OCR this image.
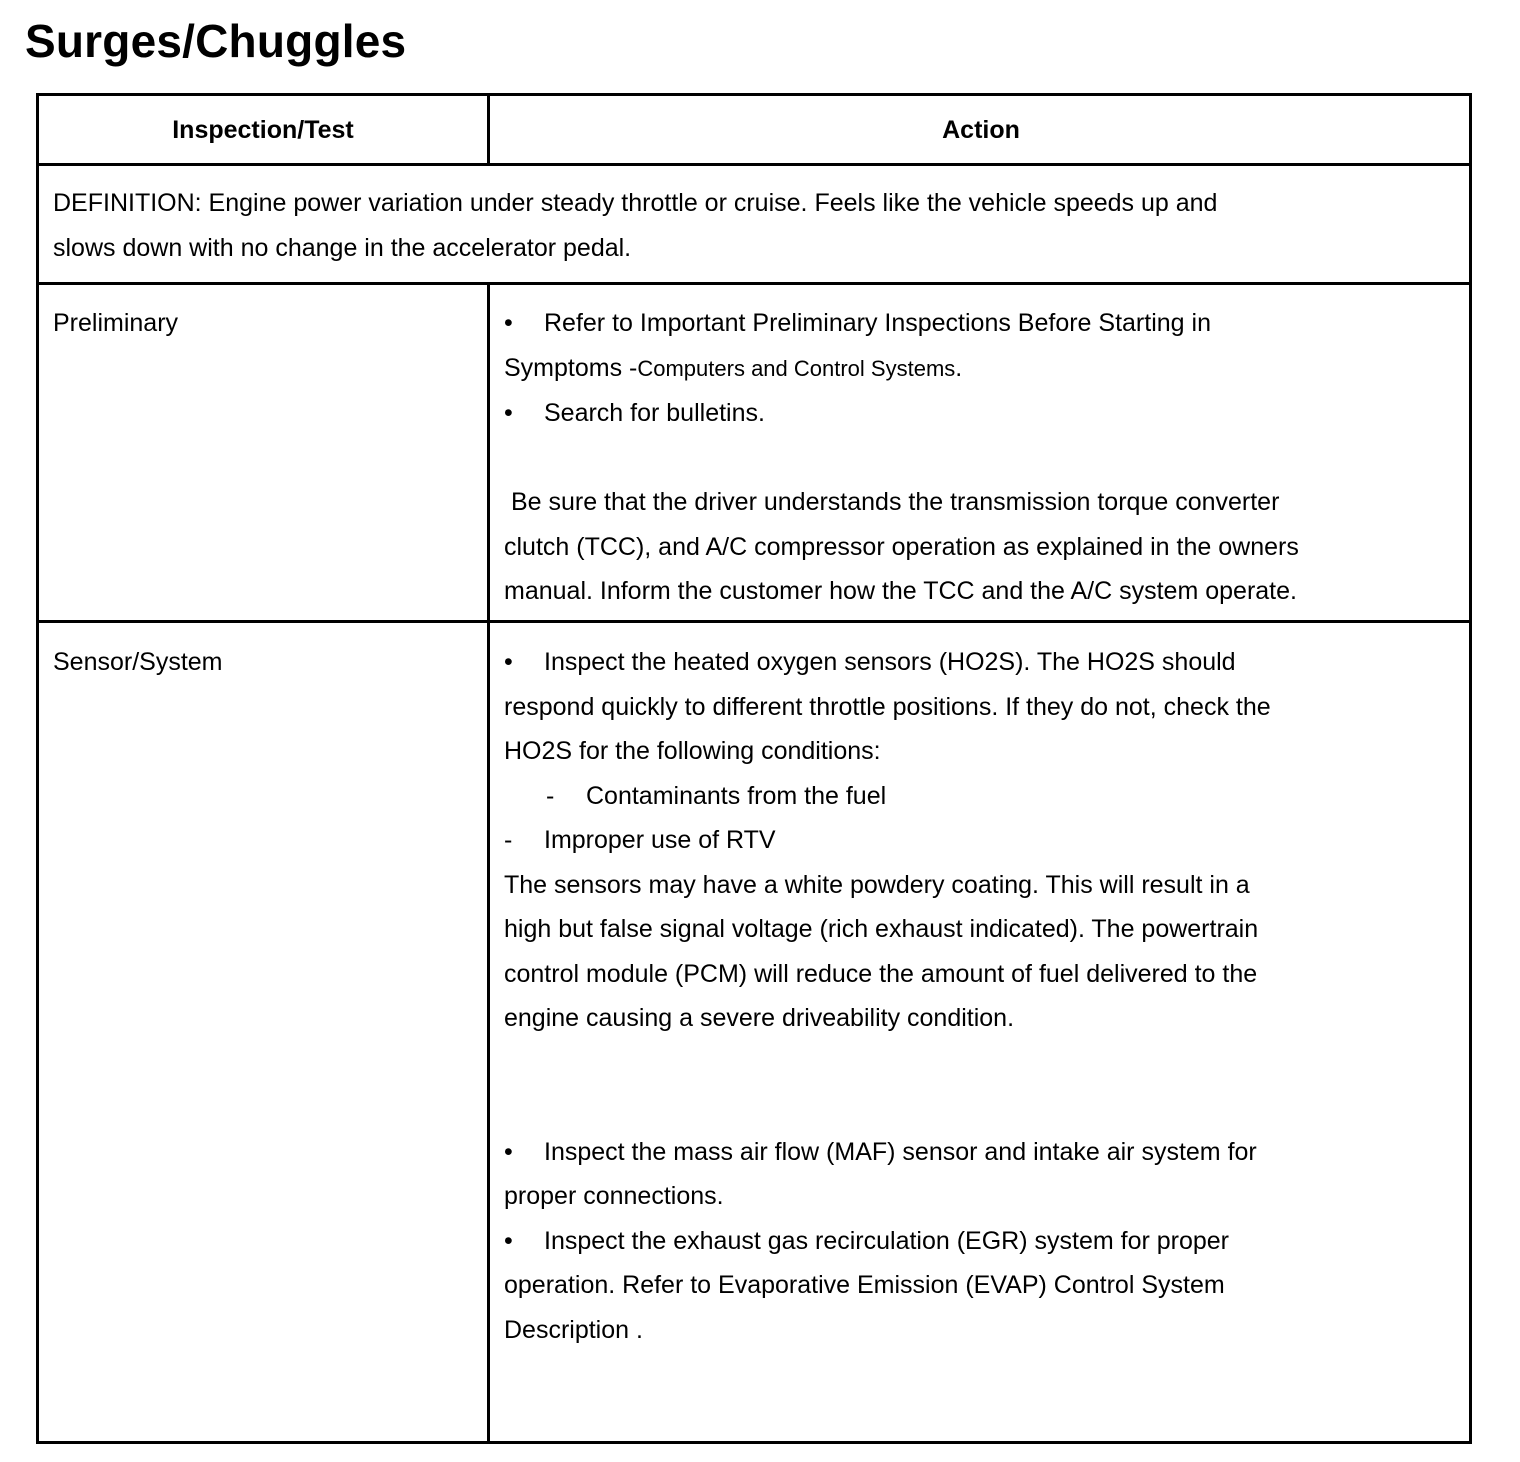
Surges/Chuggles
Inspection/Test	Action
DEFINITION: Engine power variation under steady throttle or cruise. Feels like the vehicle speeds up and
slows down with no change in the accelerator pedal.
Preliminary	• Refer to Important Preliminary Inspections Before Starting in
Symptoms -Computers and Control Systems.
• Search for bulletins.
Be sure that the driver understands the transmission torque converter
clutch (TCC), and A/C compressor operation as explained in the owners
manual. Inform the customer how the TCC and the A/C system operate.
Sensor/System	• Inspect the heated oxygen sensors (HO2S). The HO2S should
respond quickly to different throttle positions. If they do not, check the
HO2S for the following conditions:
- Contaminants from the fuel
- Improper use of RTV
The sensors may have a white powdery coating. This will result in a
high but false signal voltage (rich exhaust indicated). The powertrain
control module (PCM) will reduce the amount of fuel delivered to the
engine causing a severe driveability condition.
• Inspect the mass air flow (MAF) sensor and intake air system for
proper connections.
• Inspect the exhaust gas recirculation (EGR) system for proper
operation. Refer to Evaporative Emission (EVAP) Control System
Description .
